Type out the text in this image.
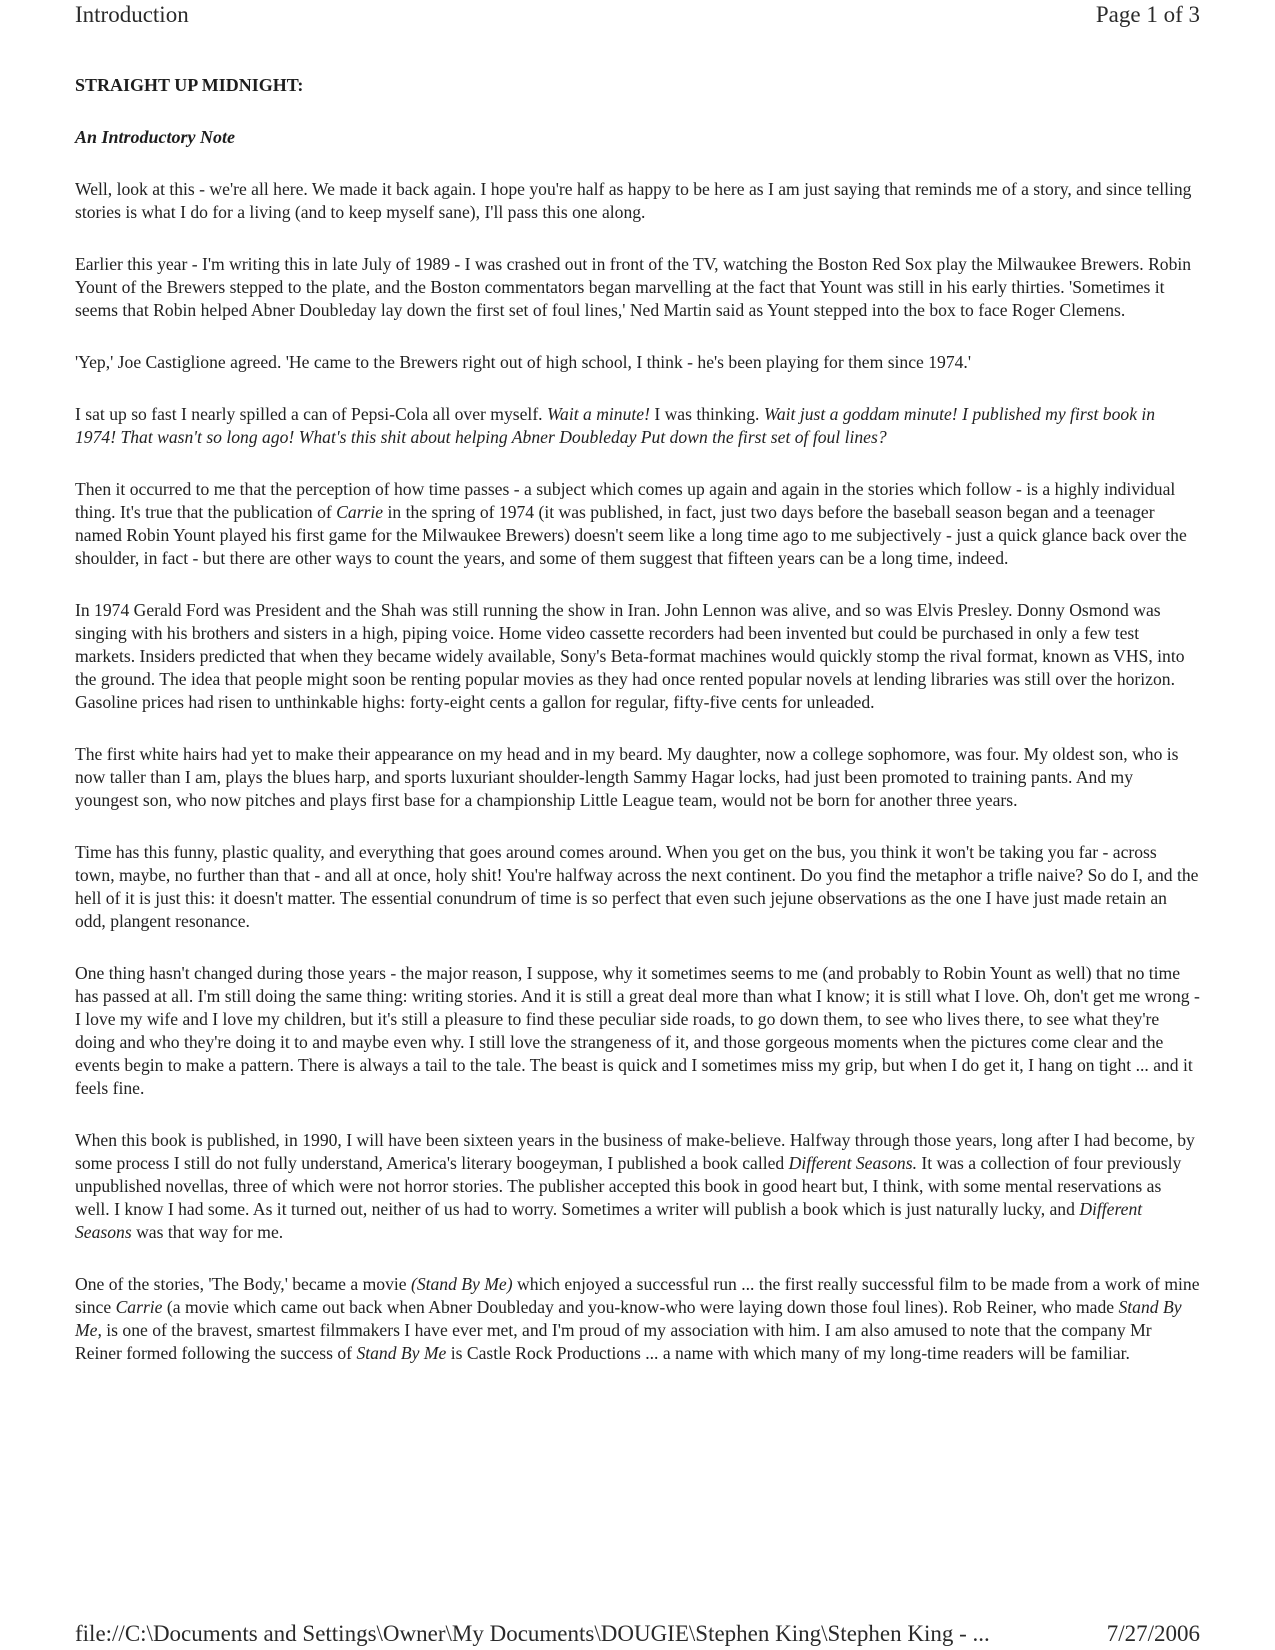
Introduction	Page 1 of 3
STRAIGHT UP MIDNIGHT:
An Introductory Note

Well, look at this - we're all here. We made it back again. I hope you're half as happy to be here as I am just saying that reminds me of a story, and since telling stories is what I do for a living (and to keep myself sane), I'll pass this one along.

Earlier this year - I'm writing this in late July of 1989 - I was crashed out in front of the TV, watching the Boston Red Sox play the Milwaukee Brewers. Robin Yount of the Brewers stepped to the plate, and the Boston commentators began marvelling at the fact that Yount was still in his early thirties. 'Sometimes it seems that Robin helped Abner Doubleday lay down the first set of foul lines,' Ned Martin said as Yount stepped into the box to face Roger Clemens.

'Yep,' Joe Castiglione agreed. 'He came to the Brewers right out of high school, I think - he's been playing for them since 1974.'

I sat up so fast I nearly spilled a can of Pepsi-Cola all over myself. Wait a minute! I was thinking. Wait just a goddam minute! I published my first book in 1974! That wasn't so long ago! What's this shit about helping Abner Doubleday Put down the first set of foul lines?

Then it occurred to me that the perception of how time passes - a subject which comes up again and again in the stories which follow - is a highly individual thing. It's true that the publication of Carrie in the spring of 1974 (it was published, in fact, just two days before the baseball season began and a teenager named Robin Yount played his first game for the Milwaukee Brewers) doesn't seem like a long time ago to me subjectively - just a quick glance back over the shoulder, in fact - but there are other ways to count the years, and some of them suggest that fifteen years can be a long time, indeed.

In 1974 Gerald Ford was President and the Shah was still running the show in Iran. John Lennon was alive, and so was Elvis Presley. Donny Osmond was singing with his brothers and sisters in a high, piping voice. Home video cassette recorders had been invented but could be purchased in only a few test markets. Insiders predicted that when they became widely available, Sony's Beta-format machines would quickly stomp the rival format, known as VHS, into the ground. The idea that people might soon be renting popular movies as they had once rented popular novels at lending libraries was still over the horizon. Gasoline prices had risen to unthinkable highs: forty-eight cents a gallon for regular, fifty-five cents for unleaded.

The first white hairs had yet to make their appearance on my head and in my beard. My daughter, now a college sophomore, was four. My oldest son, who is now taller than I am, plays the blues harp, and sports luxuriant shoulder-length Sammy Hagar locks, had just been promoted to training pants. And my youngest son, who now pitches and plays first base for a championship Little League team, would not be born for another three years.

Time has this funny, plastic quality, and everything that goes around comes around. When you get on the bus, you think it won't be taking you far - across town, maybe, no further than that - and all at once, holy shit! You're halfway across the next continent. Do you find the metaphor a trifle naive? So do I, and the hell of it is just this: it doesn't matter. The essential conundrum of time is so perfect that even such jejune observations as the one I have just made retain an odd, plangent resonance.

One thing hasn't changed during those years - the major reason, I suppose, why it sometimes seems to me (and probably to Robin Yount as well) that no time has passed at all. I'm still doing the same thing: writing stories. And it is still a great deal more than what I know; it is still what I love. Oh, don't get me wrong - I love my wife and I love my children, but it's still a pleasure to find these peculiar side roads, to go down them, to see who lives there, to see what they're doing and who they're doing it to and maybe even why. I still love the strangeness of it, and those gorgeous moments when the pictures come clear and the events begin to make a pattern. There is always a tail to the tale. The beast is quick and I sometimes miss my grip, but when I do get it, I hang on tight ... and it feels fine.

When this book is published, in 1990, I will have been sixteen years in the business of make-believe. Halfway through those years, long after I had become, by some process I still do not fully understand, America's literary boogeyman, I published a book called Different Seasons. It was a collection of four previously unpublished novellas, three of which were not horror stories. The publisher accepted this book in good heart but, I think, with some mental reservations as well. I know I had some. As it turned out, neither of us had to worry. Sometimes a writer will publish a book which is just naturally lucky, and Different Seasons was that way for me.

One of the stories, 'The Body,' became a movie (Stand By Me) which enjoyed a successful run ... the first really successful film to be made from a work of mine since Carrie (a movie which came out back when Abner Doubleday and you-know-who were laying down those foul lines). Rob Reiner, who made Stand By Me, is one of the bravest, smartest filmmakers I have ever met, and I'm proud of my association with him. I am also amused to note that the company Mr Reiner formed following the success of Stand By Me is Castle Rock Productions ... a name with which many of my long-time readers will be familiar.

file://C:\Documents and Settings\Owner\My Documents\DOUGIE\Stephen King\Stephen King - ...	7/27/2006
